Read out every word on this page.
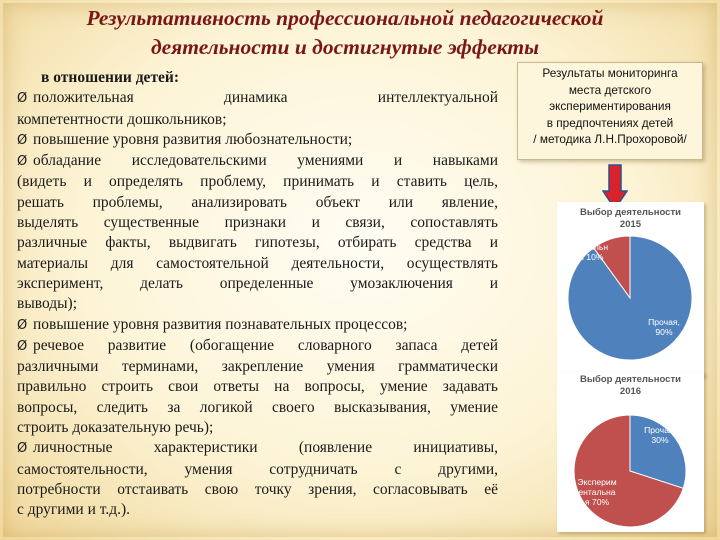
Результативность профессиональной педагогической
деятельности и достигнутые эффекты
в отношении детей:
Ø положительная динамика интеллектуальной
компетентности дошкольников;
Ø повышение уровня развития любознательности;
Ø обладание исследовательскими умениями и навыками
(видеть и определять проблему, принимать и ставить цель,
решать проблемы, анализировать объект или явление,
выделять существенные признаки и связи, сопоставлять
различные факты, выдвигать гипотезы, отбирать средства и
материалы для самостоятельной деятельности, осуществлять
эксперимент, делать определенные умозаключения и
выводы);
Ø повышение уровня развития познавательных процессов;
Ø речевое развитие (обогащение словарного запаса детей
различными терминами, закрепление умения грамматически
правильно строить свои ответы на вопросы, умение задавать
вопросы, следить за логикой своего высказывания, умение
строить доказательную речь);
Ø личностные характеристики (появление инициативы,
самостоятельности, умения сотрудничать с другими,
потребности отстаивать свою точку зрения, согласовывать её
с другими и т.д.).
Результаты мониторинга
места детского
экспериментирования
в предпочтениях детей
/ методика Л.Н.Прохоровой/
Выбор деятельности
2015
Экспери ментальн ая 10%
Прочая, 90%
Выбор деятельности
2016
Прочая; 30%
Эксперим ентальна я 70%
